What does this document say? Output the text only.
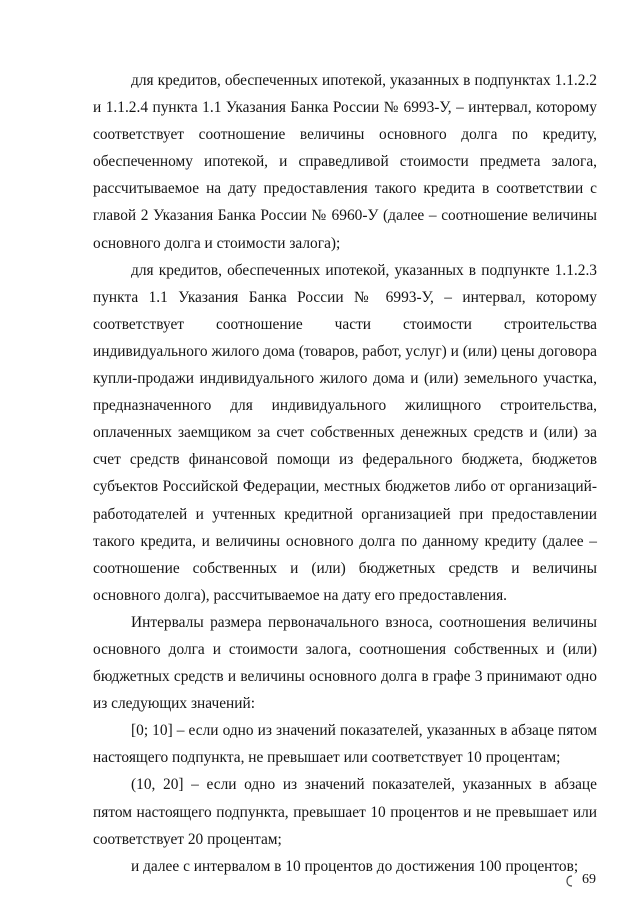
для кредитов, обеспеченных ипотекой, указанных в подпунктах 1.1.2.2 и 1.1.2.4 пункта 1.1 Указания Банка России № 6993-У, – интервал, которому соответствует соотношение величины основного долга по кредиту, обеспеченному ипотекой, и справедливой стоимости предмета залога, рассчитываемое на дату предоставления такого кредита в соответствии с главой 2 Указания Банка России № 6960-У (далее – соотношение величины основного долга и стоимости залога);

для кредитов, обеспеченных ипотекой, указанных в подпункте 1.1.2.3 пункта 1.1 Указания Банка России № 6993-У, – интервал, которому соответствует соотношение части стоимости строительства индивидуального жилого дома (товаров, работ, услуг) и (или) цены договора купли-продажи индивидуального жилого дома и (или) земельного участка, предназначенного для индивидуального жилищного строительства, оплаченных заемщиком за счет собственных денежных средств и (или) за счет средств финансовой помощи из федерального бюджета, бюджетов субъектов Российской Федерации, местных бюджетов либо от организаций-работодателей и учтенных кредитной организацией при предоставлении такого кредита, и величины основного долга по данному кредиту (далее – соотношение собственных и (или) бюджетных средств и величины основного долга), рассчитываемое на дату его предоставления.

Интервалы размера первоначального взноса, соотношения величины основного долга и стоимости залога, соотношения собственных и (или) бюджетных средств и величины основного долга в графе 3 принимают одно из следующих значений:

[0; 10] – если одно из значений показателей, указанных в абзаце пятом настоящего подпункта, не превышает или соответствует 10 процентам;

(10, 20] – если одно из значений показателей, указанных в абзаце пятом настоящего подпункта, превышает 10 процентов и не превышает или соответствует 20 процентам;

и далее с интервалом в 10 процентов до достижения 100 процентов;

69
